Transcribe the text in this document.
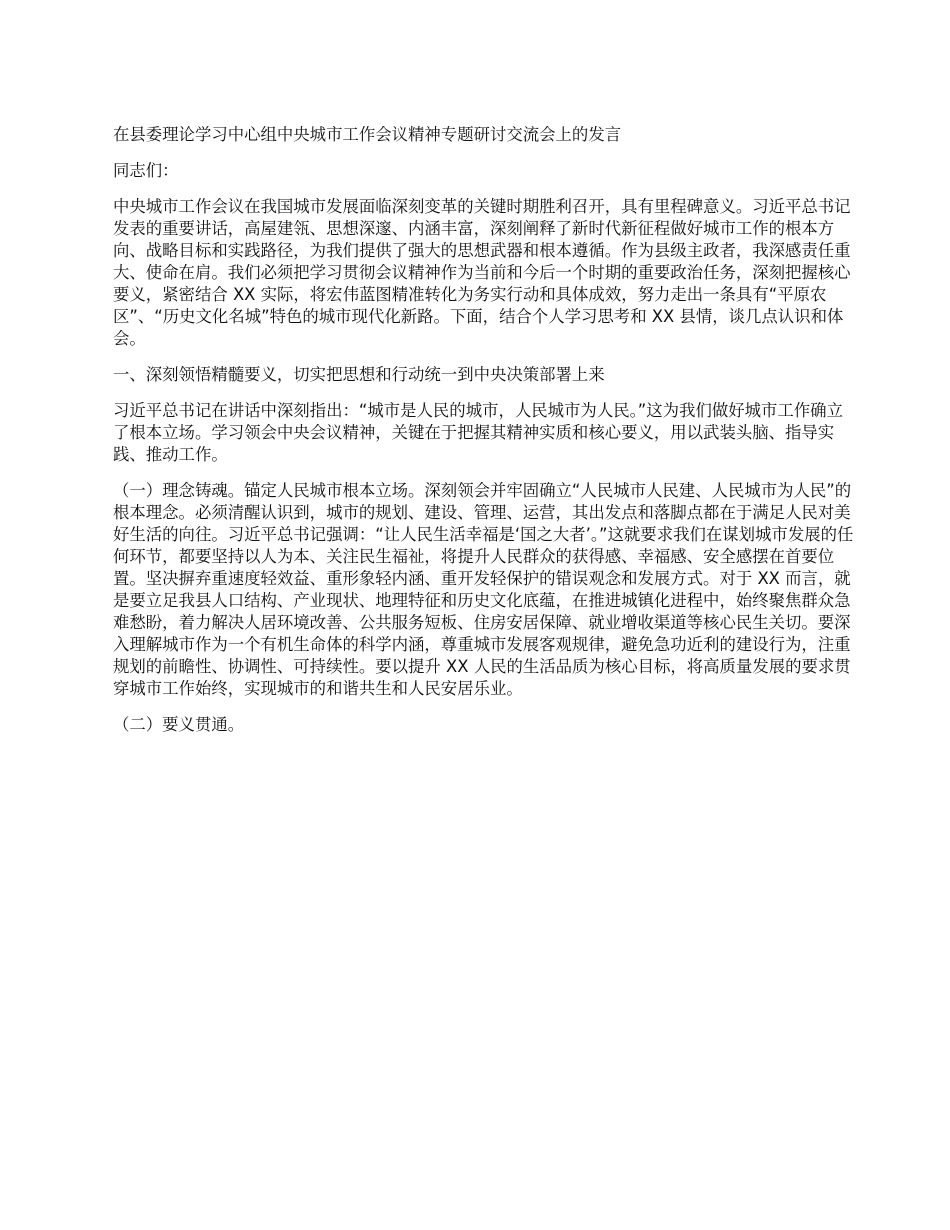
在县委理论学习中心组中央城市工作会议精神专题研讨交流会上的发言

同志们：

中央城市工作会议在我国城市发展面临深刻变革的关键时期胜利召开，具有里程碑意义。习近平总书记发表的重要讲话，高屋建瓴、思想深邃、内涵丰富，深刻阐释了新时代新征程做好城市工作的根本方向、战略目标和实践路径，为我们提供了强大的思想武器和根本遵循。作为县级主政者，我深感责任重大、使命在肩。我们必须把学习贯彻会议精神作为当前和今后一个时期的重要政治任务，深刻把握核心要义，紧密结合 XX 实际，将宏伟蓝图精准转化为务实行动和具体成效，努力走出一条具有“平原农区”、“历史文化名城”特色的城市现代化新路。下面，结合个人学习思考和 XX 县情，谈几点认识和体会。

一、深刻领悟精髓要义，切实把思想和行动统一到中央决策部署上来

习近平总书记在讲话中深刻指出：“城市是人民的城市，人民城市为人民。”这为我们做好城市工作确立了根本立场。学习领会中央会议精神，关键在于把握其精神实质和核心要义，用以武装头脑、指导实践、推动工作。

（一）理念铸魂。锚定人民城市根本立场。深刻领会并牢固确立“人民城市人民建、人民城市为人民”的根本理念。必须清醒认识到，城市的规划、建设、管理、运营，其出发点和落脚点都在于满足人民对美好生活的向往。习近平总书记强调：“让人民生活幸福是‘国之大者’。”这就要求我们在谋划城市发展的任何环节，都要坚持以人为本、关注民生福祉，将提升人民群众的获得感、幸福感、安全感摆在首要位置。坚决摒弃重速度轻效益、重形象轻内涵、重开发轻保护的错误观念和发展方式。对于 XX 而言，就是要立足我县人口结构、产业现状、地理特征和历史文化底蕴，在推进城镇化进程中，始终聚焦群众急难愁盼，着力解决人居环境改善、公共服务短板、住房安居保障、就业增收渠道等核心民生关切。要深入理解城市作为一个有机生命体的科学内涵，尊重城市发展客观规律，避免急功近利的建设行为，注重规划的前瞻性、协调性、可持续性。要以提升 XX 人民的生活品质为核心目标，将高质量发展的要求贯穿城市工作始终，实现城市的和谐共生和人民安居乐业。

（二）要义贯通。
